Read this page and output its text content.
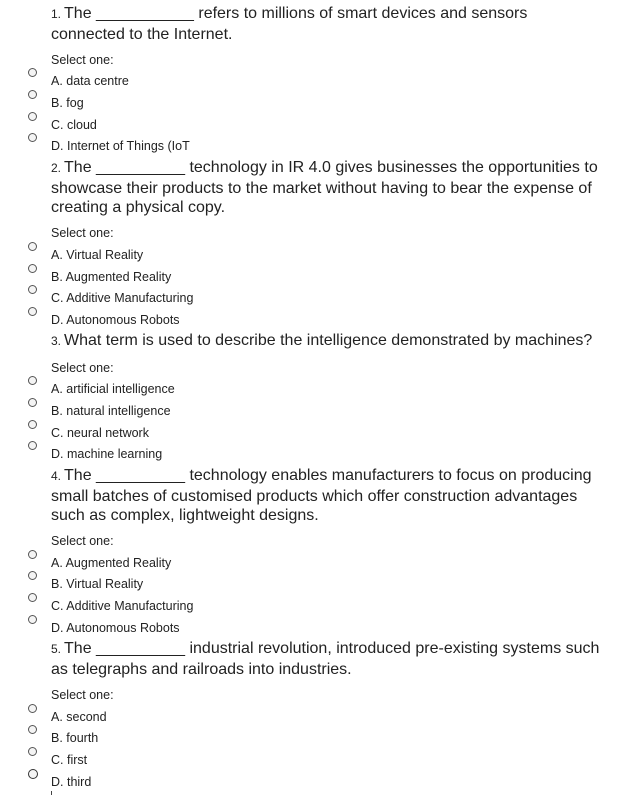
1. The ___________ refers to millions of smart devices and sensors connected to the Internet.
Select one:
A. data centre
B. fog
C. cloud
D. Internet of Things (IoT
2. The __________ technology in IR 4.0 gives businesses the opportunities to showcase their products to the market without having to bear the expense of creating a physical copy.
Select one:
A. Virtual Reality
B. Augmented Reality
C. Additive Manufacturing
D. Autonomous Robots
3. What term is used to describe the intelligence demonstrated by machines?
Select one:
A. artificial intelligence
B. natural intelligence
C. neural network
D. machine learning
4. The __________ technology enables manufacturers to focus on producing small batches of customised products which offer construction advantages such as complex, lightweight designs.
Select one:
A. Augmented Reality
B. Virtual Reality
C. Additive Manufacturing
D. Autonomous Robots
5. The __________ industrial revolution, introduced pre-existing systems such as telegraphs and railroads into industries.
Select one:
A. second
B. fourth
C. first
D. third
